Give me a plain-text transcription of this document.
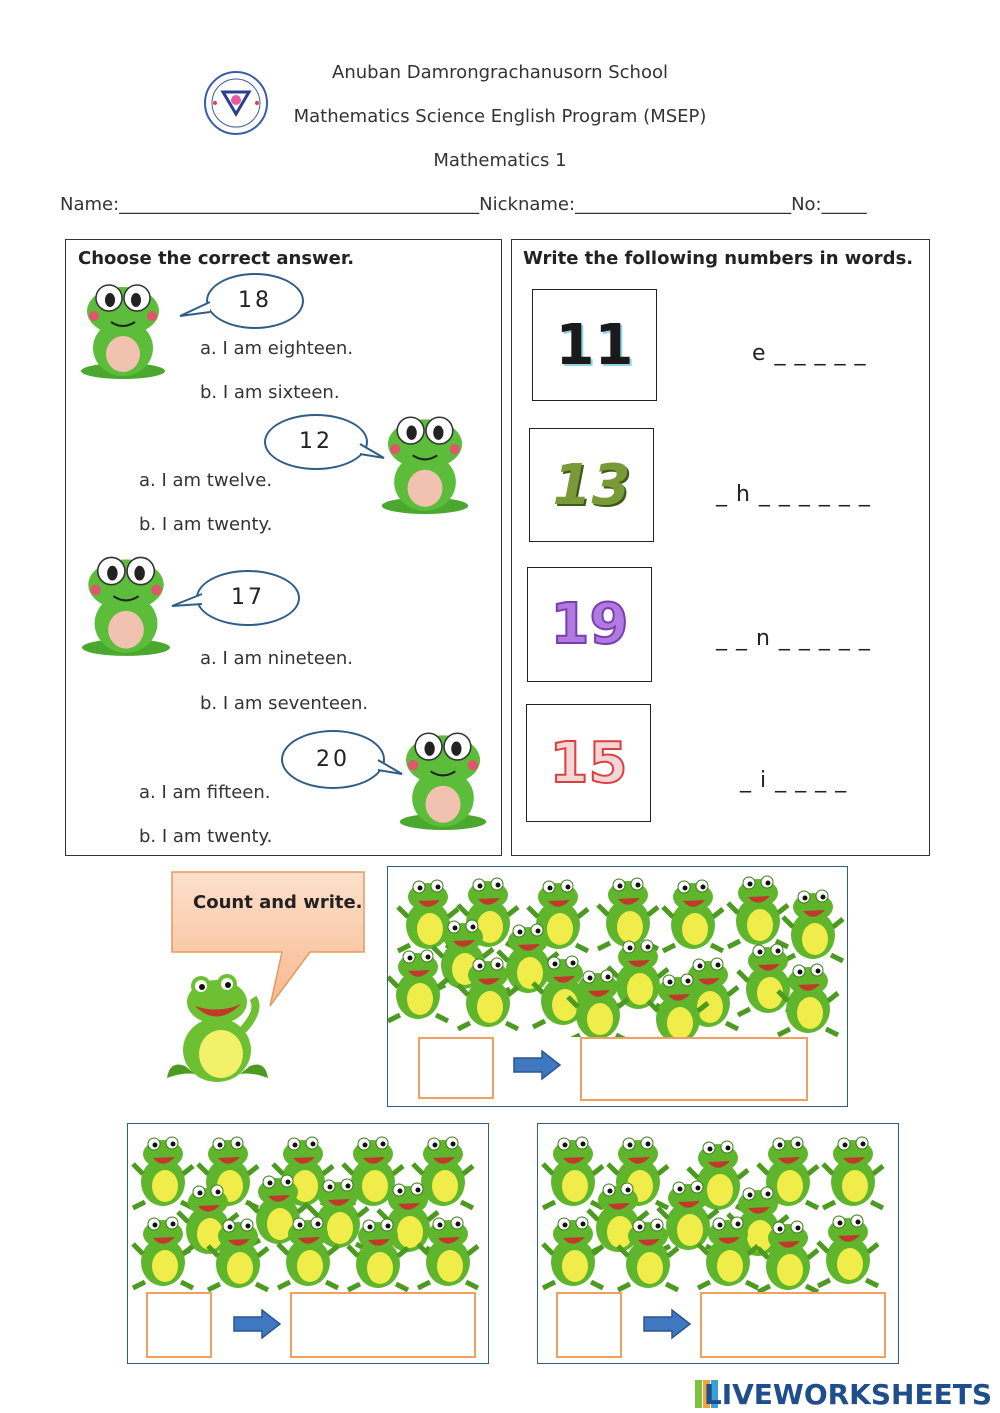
Anuban Damrongrachanusorn School
Mathematics Science English Program (MSEP)
Mathematics 1
Name:________________________________________Nickname:________________________No:_____
Choose the correct answer.
18
a. I am eighteen.
b. I am sixteen.
12
a. I am twelve.
b. I am twenty.
17
a. I am nineteen.
b. I am seventeen.
20
a. I am fifteen.
b. I am twenty.
Write the following numbers in words.
11	e _ _ _ _ _
13	_ h _ _ _ _ _ _
19	_ _ n _ _ _ _ _
15	_ i _ _ _ _
Count and write.
LIVEWORKSHEETS
